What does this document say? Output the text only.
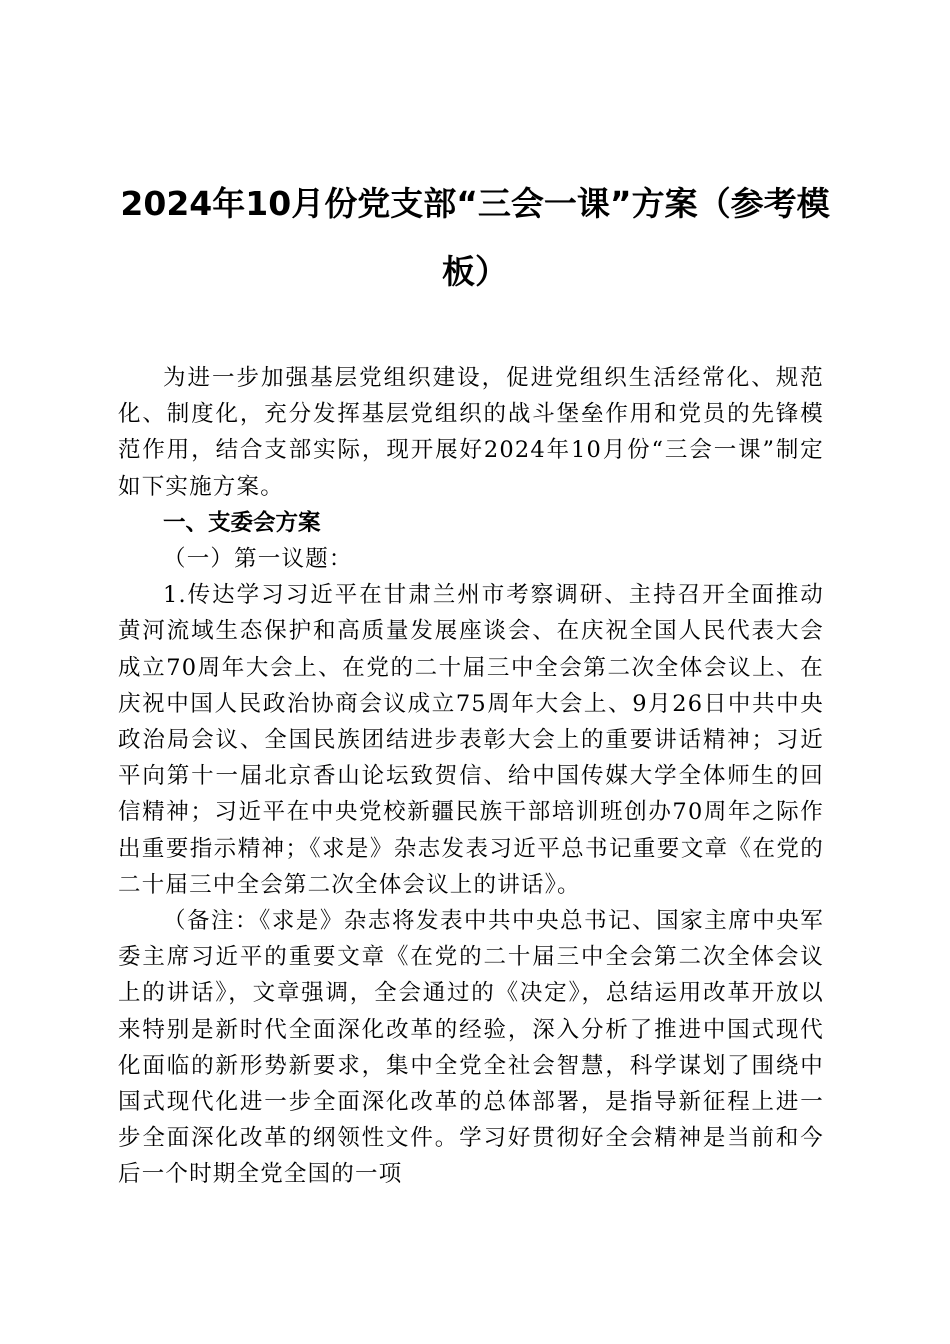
2024年10月份党支部“三会一课”方案（参考模板）

为进一步加强基层党组织建设，促进党组织生活经常化、规范化、制度化，充分发挥基层党组织的战斗堡垒作用和党员的先锋模范作用，结合支部实际，现开展好2024年10月份“三会一课”制定如下实施方案。

一、支委会方案

（一）第一议题：

1.传达学习习近平在甘肃兰州市考察调研、主持召开全面推动黄河流域生态保护和高质量发展座谈会、在庆祝全国人民代表大会成立70周年大会上、在党的二十届三中全会第二次全体会议上、在庆祝中国人民政治协商会议成立75周年大会上、9月26日中共中央政治局会议、全国民族团结进步表彰大会上的重要讲话精神；习近平向第十一届北京香山论坛致贺信、给中国传媒大学全体师生的回信精神；习近平在中央党校新疆民族干部培训班创办70周年之际作出重要指示精神；《求是》杂志发表习近平总书记重要文章《在党的二十届三中全会第二次全体会议上的讲话》。

（备注：《求是》杂志将发表中共中央总书记、国家主席中央军委主席习近平的重要文章《在党的二十届三中全会第二次全体会议上的讲话》，文章强调，全会通过的《决定》，总结运用改革开放以来特别是新时代全面深化改革的经验，深入分析了推进中国式现代化面临的新形势新要求，集中全党全社会智慧，科学谋划了围绕中国式现代化进一步全面深化改革的总体部署，是指导新征程上进一步全面深化改革的纲领性文件。学习好贯彻好全会精神是当前和今后一个时期全党全国的一项
